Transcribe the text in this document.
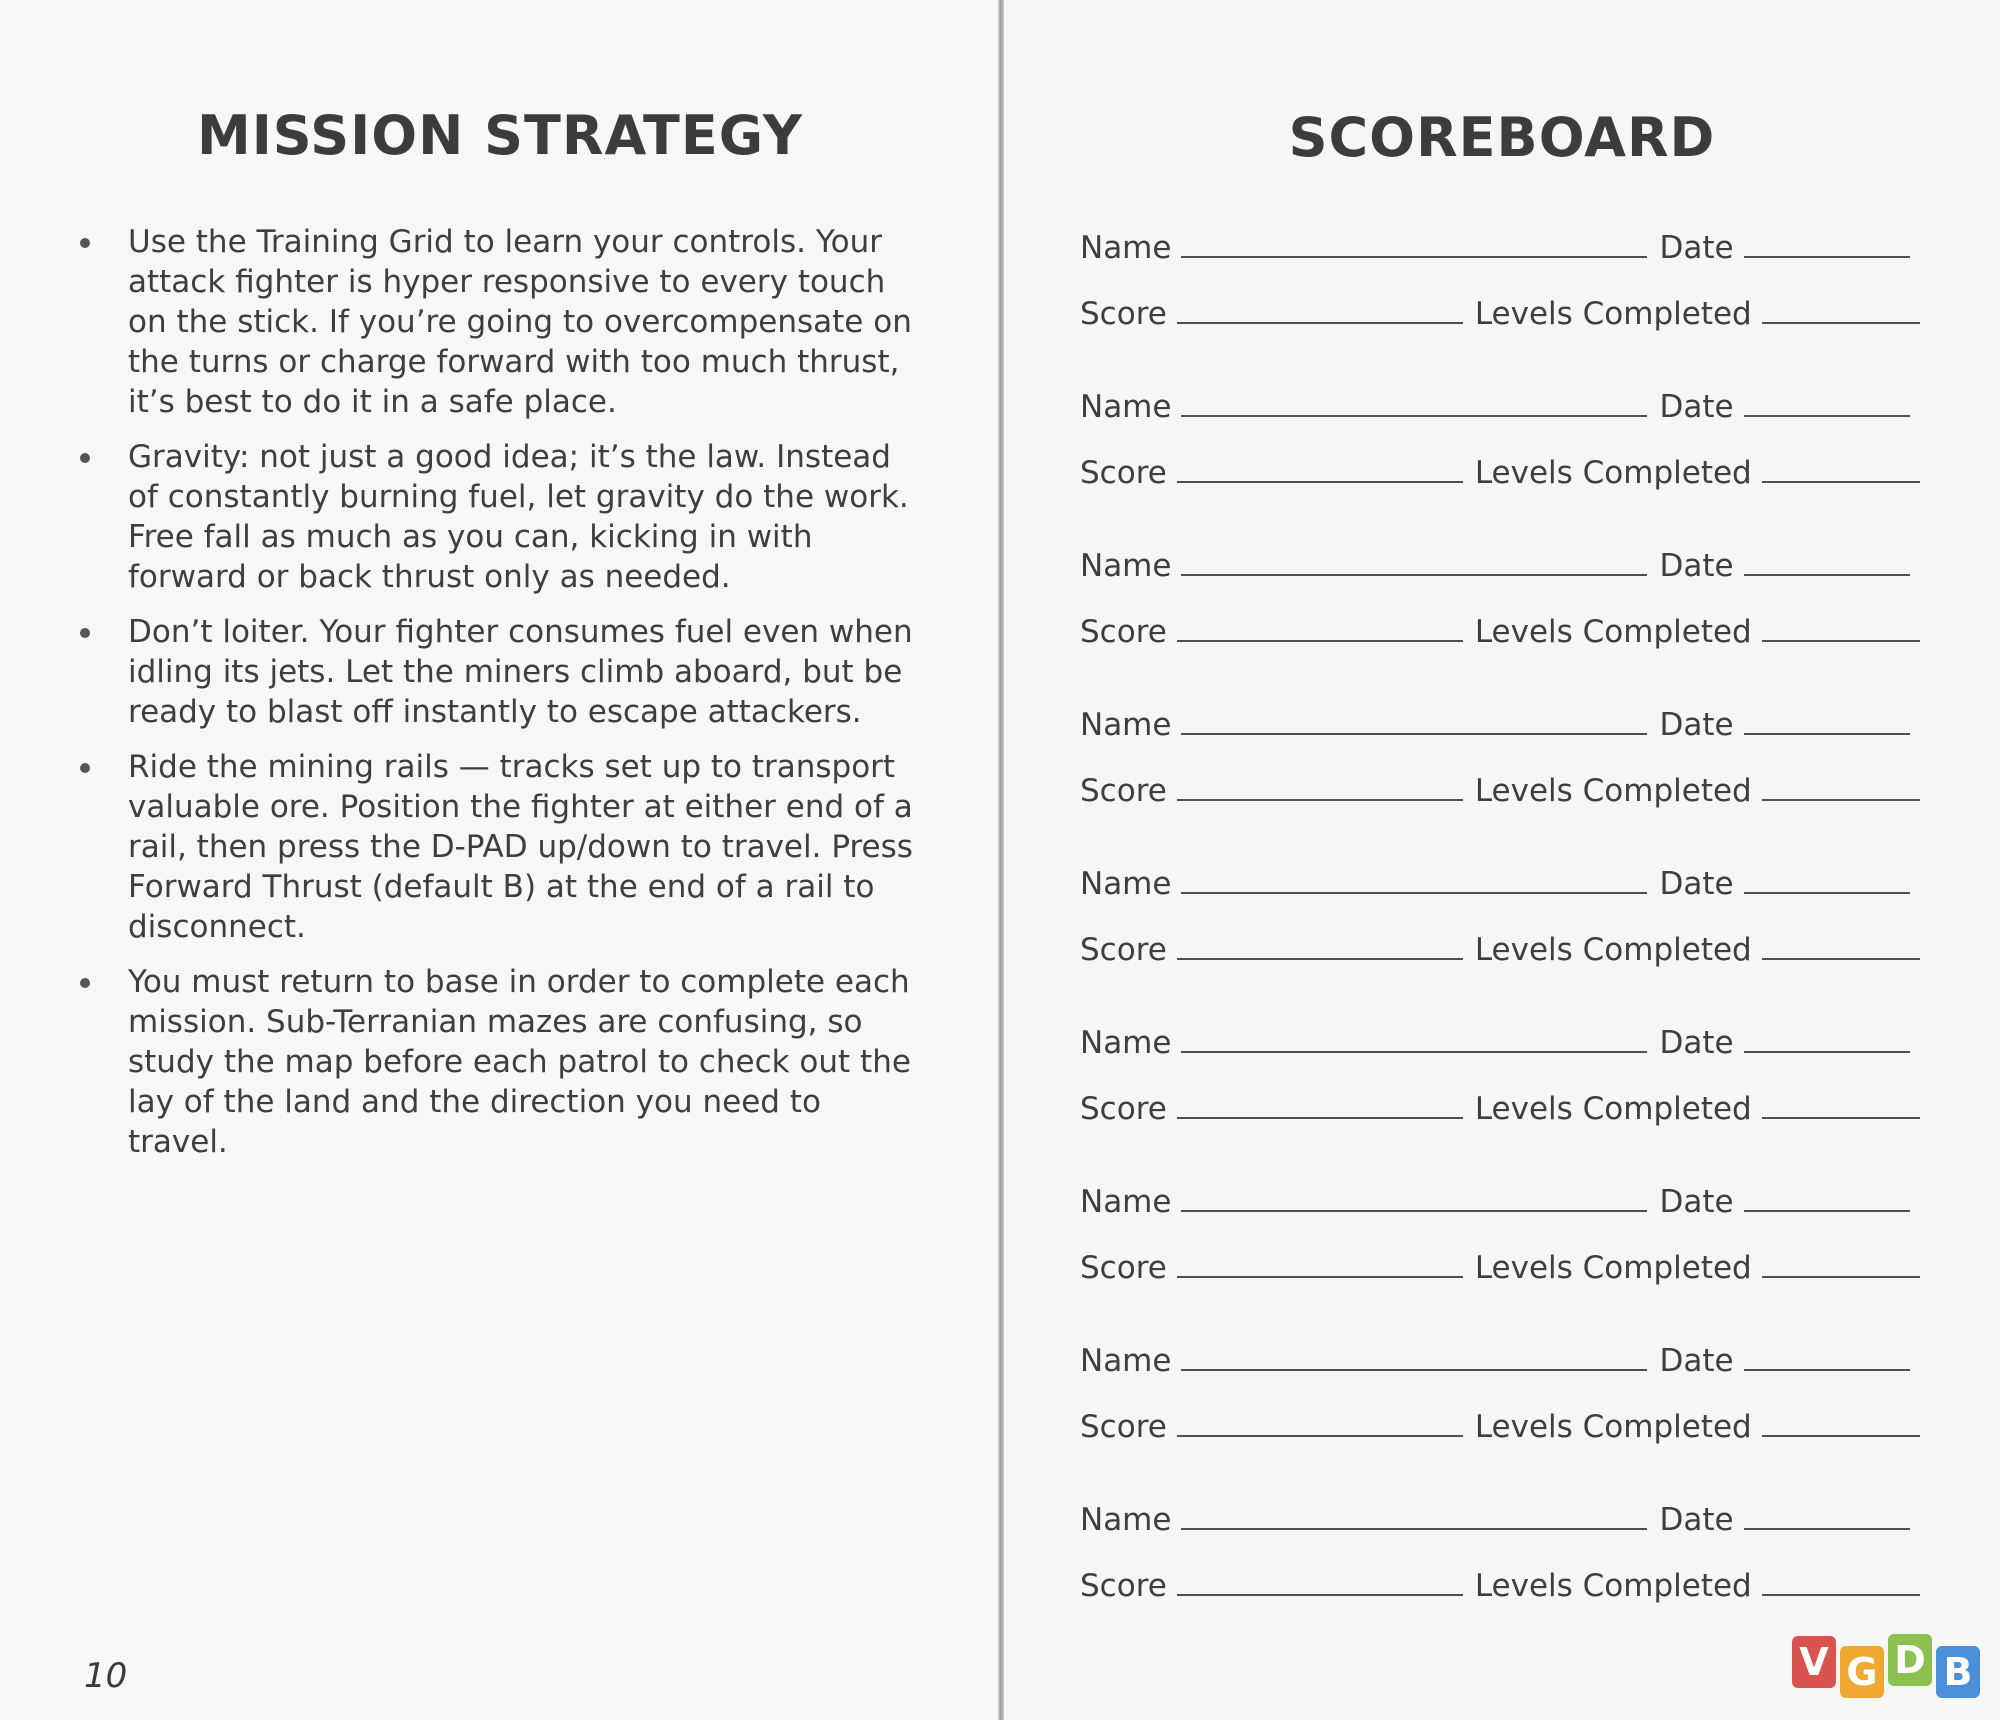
MISSION STRATEGY
Use the Training Grid to learn your controls. Your attack fighter is hyper responsive to every touch on the stick. If you’re going to overcompensate on the turns or charge forward with too much thrust, it’s best to do it in a safe place.
Gravity: not just a good idea; it’s the law. Instead of constantly burning fuel, let gravity do the work. Free fall as much as you can, kicking in with forward or back thrust only as needed.
Don’t loiter. Your fighter consumes fuel even when idling its jets. Let the miners climb aboard, but be ready to blast off instantly to escape attackers.
Ride the mining rails — tracks set up to transport valuable ore. Position the fighter at either end of a rail, then press the D-PAD up/down to travel. Press Forward Thrust (default B) at the end of a rail to disconnect.
You must return to base in order to complete each mission. Sub-Terranian mazes are confusing, so study the map before each patrol to check out the lay of the land and the direction you need to travel.
10
SCOREBOARD
Name	Date
Score	Levels Completed
Name	Date
Score	Levels Completed
Name	Date
Score	Levels Completed
Name	Date
Score	Levels Completed
Name	Date
Score	Levels Completed
Name	Date
Score	Levels Completed
Name	Date
Score	Levels Completed
Name	Date
Score	Levels Completed
Name	Date
Score	Levels Completed
V G D B
